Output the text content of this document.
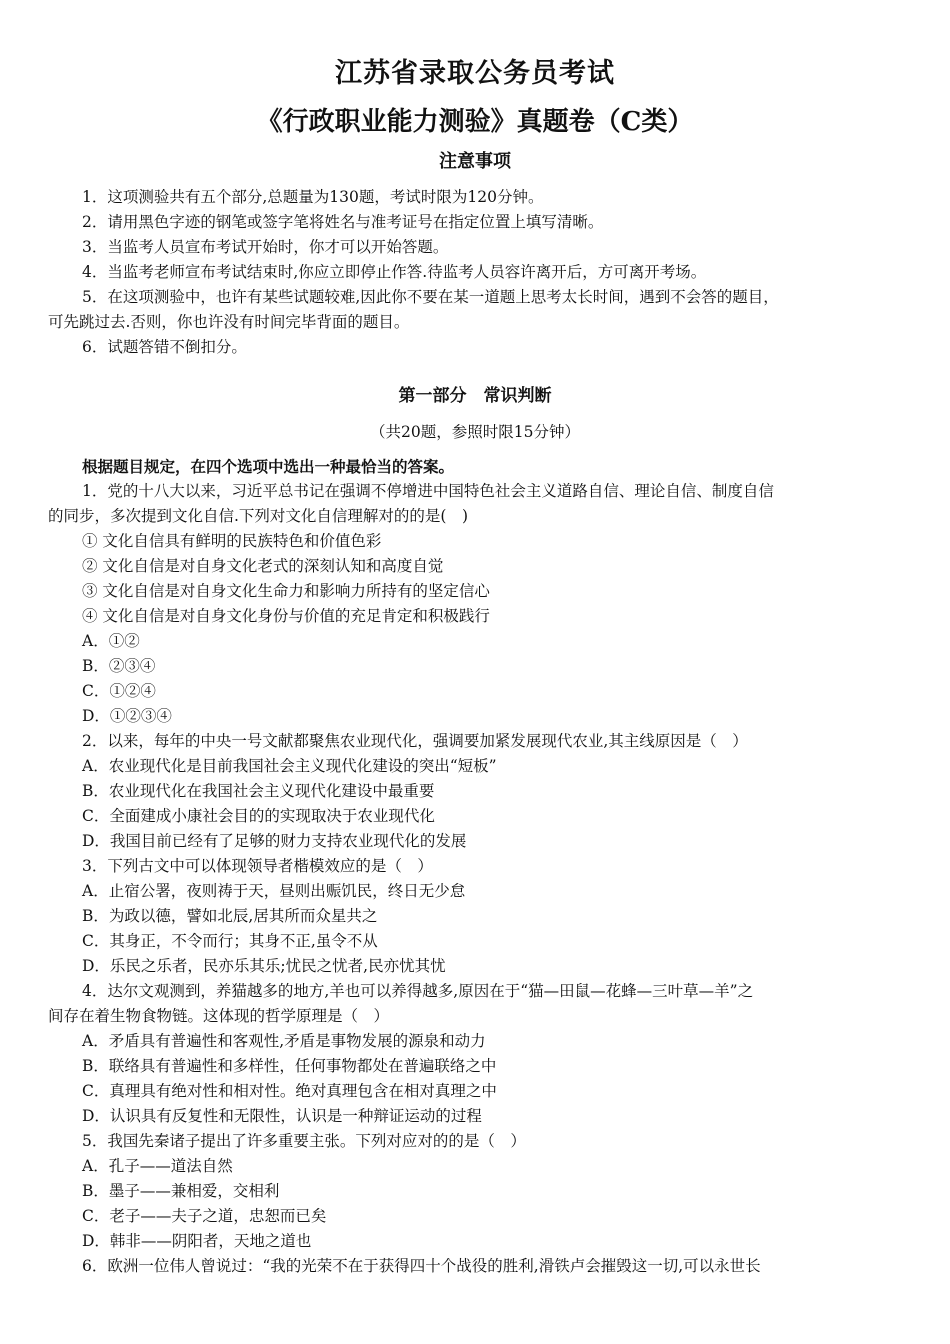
江苏省录取公务员考试
《行政职业能力测验》真题卷（C类）
注意事项
1．这项测验共有五个部分,总题量为130题，考试时限为120分钟。
2．请用黑色字迹的钢笔或签字笔将姓名与准考证号在指定位置上填写清晰。
3．当监考人员宣布考试开始时，你才可以开始答题。
4．当监考老师宣布考试结束时,你应立即停止作答.待监考人员容许离开后，方可离开考场。
5．在这项测验中，也许有某些试题较难,因此你不要在某一道题上思考太长时间，遇到不会答的题目，
可先跳过去.否则，你也许没有时间完毕背面的题目。
6．试题答错不倒扣分。
第一部分　常识判断
（共20题，参照时限15分钟）
根据题目规定，在四个选项中选出一种最恰当的答案。
1．党的十八大以来，习近平总书记在强调不停增进中国特色社会主义道路自信、理论自信、制度自信
的同步，多次提到文化自信.下列对文化自信理解对的的是(　)
① 文化自信具有鲜明的民族特色和价值色彩
② 文化自信是对自身文化老式的深刻认知和高度自觉
③ 文化自信是对自身文化生命力和影响力所持有的坚定信心
④ 文化自信是对自身文化身份与价值的充足肯定和积极践行
A．①②
B．②③④
C．①②④
D．①②③④
2．以来，每年的中央一号文献都聚焦农业现代化，强调要加紧发展现代农业,其主线原因是（　）
A．农业现代化是目前我国社会主义现代化建设的突出“短板”
B．农业现代化在我国社会主义现代化建设中最重要
C．全面建成小康社会目的的实现取决于农业现代化
D．我国目前已经有了足够的财力支持农业现代化的发展
3．下列古文中可以体现领导者楷模效应的是（　）
A．止宿公署，夜则祷于天，昼则出赈饥民，终日无少怠
B．为政以德，譬如北辰,居其所而众星共之
C．其身正，不令而行；其身不正,虽令不从
D．乐民之乐者，民亦乐其乐;忧民之忧者,民亦忧其忧
4．达尔文观测到，养猫越多的地方,羊也可以养得越多,原因在于“猫—田鼠—花蜂—三叶草—羊”之
间存在着生物食物链。这体现的哲学原理是（　）
A．矛盾具有普遍性和客观性,矛盾是事物发展的源泉和动力
B．联络具有普遍性和多样性，任何事物都处在普遍联络之中
C．真理具有绝对性和相对性。绝对真理包含在相对真理之中
D．认识具有反复性和无限性，认识是一种辩证运动的过程
5．我国先秦诸子提出了许多重要主张。下列对应对的的是（　）
A．孔子——道法自然
B．墨子——兼相爱，交相利
C．老子——夫子之道，忠恕而已矣
D．韩非——阴阳者，天地之道也
6．欧洲一位伟人曾说过：“我的光荣不在于获得四十个战役的胜利,滑铁卢会摧毁这一切,可以永世长
